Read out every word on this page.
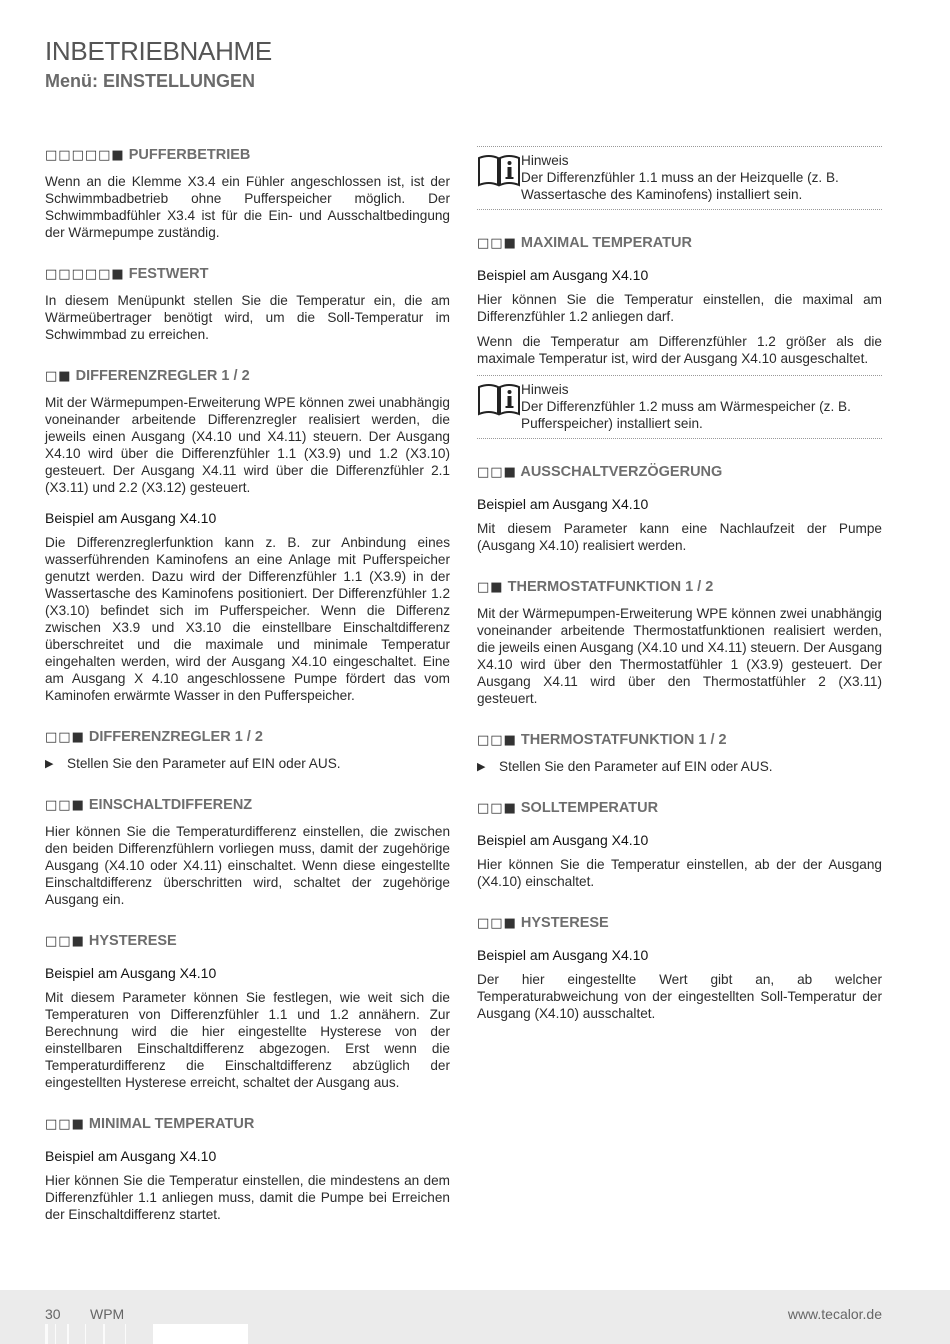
INBETRIEBNAHME
Menü: EINSTELLUNGEN
□□□□□■ PUFFERBETRIEB

Wenn an die Klemme X3.4 ein Fühler angeschlossen ist, ist der Schwimmbadbetrieb ohne Pufferspeicher möglich. Der Schwimmbadfühler X3.4 ist für die Ein- und Ausschaltbedingung der Wärmepumpe zuständig.

□□□□□■ FESTWERT

In diesem Menüpunkt stellen Sie die Temperatur ein, die am Wärmeübertrager benötigt wird, um die Soll-Temperatur im Schwimmbad zu erreichen.

□■ DIFFERENZREGLER 1 / 2

Mit der Wärmepumpen-Erweiterung WPE können zwei unabhängig voneinander arbeitende Differenzregler realisiert werden, die jeweils einen Ausgang (X4.10 und X4.11) steuern. Der Ausgang X4.10 wird über die Differenzfühler 1.1 (X3.9) und 1.2 (X3.10) gesteuert. Der Ausgang X4.11 wird über die Differenzfühler 2.1 (X3.11) und 2.2 (X3.12) gesteuert.

Beispiel am Ausgang X4.10

Die Differenzreglerfunktion kann z. B. zur Anbindung eines wasserführenden Kaminofens an eine Anlage mit Pufferspeicher genutzt werden. Dazu wird der Differenzfühler 1.1 (X3.9) in der Wassertasche des Kaminofens positioniert. Der Differenzfühler 1.2 (X3.10) befindet sich im Pufferspeicher. Wenn die Differenz zwischen X3.9 und X3.10 die einstellbare Einschaltdifferenz überschreitet und die maximale und minimale Temperatur eingehalten werden, wird der Ausgang X4.10 eingeschaltet. Eine am Ausgang X 4.10 angeschlossene Pumpe fördert das vom Kaminofen erwärmte Wasser in den Pufferspeicher.

□□■ DIFFERENZREGLER 1 / 2
▶ Stellen Sie den Parameter auf EIN oder AUS.
□□■ EINSCHALTDIFFERENZ

Hier können Sie die Temperaturdifferenz einstellen, die zwischen den beiden Differenzfühlern vorliegen muss, damit der zugehörige Ausgang (X4.10 oder X4.11) einschaltet. Wenn diese eingestellte Einschaltdifferenz überschritten wird, schaltet der zugehörige Ausgang ein.

□□■ HYSTERESE
Beispiel am Ausgang X4.10

Mit diesem Parameter können Sie festlegen, wie weit sich die Temperaturen von Differenzfühler 1.1 und 1.2 annähern. Zur Berechnung wird die hier eingestellte Hysterese von der einstellbaren Einschaltdifferenz abgezogen. Erst wenn die Temperaturdifferenz die Einschaltdifferenz abzüglich der eingestellten Hysterese erreicht, schaltet der Ausgang aus.

□□■ MINIMAL TEMPERATUR
Beispiel am Ausgang X4.10

Hier können Sie die Temperatur einstellen, die mindestens an dem Differenzfühler 1.1 anliegen muss, damit die Pumpe bei Erreichen der Einschaltdifferenz startet.

Hinweis
Der Differenzfühler 1.1 muss an der Heizquelle (z. B. Wassertasche des Kaminofens) installiert sein.
□□■ MAXIMAL TEMPERATUR
Beispiel am Ausgang X4.10

Hier können Sie die Temperatur einstellen, die maximal am Differenzfühler 1.2 anliegen darf.

Wenn die Temperatur am Differenzfühler 1.2 größer als die maximale Temperatur ist, wird der Ausgang X4.10 ausgeschaltet.

Hinweis
Der Differenzfühler 1.2 muss am Wärmespeicher (z. B. Pufferspeicher) installiert sein.
□□■ AUSSCHALTVERZÖGERUNG
Beispiel am Ausgang X4.10

Mit diesem Parameter kann eine Nachlaufzeit der Pumpe (Ausgang X4.10) realisiert werden.

□■ THERMOSTATFUNKTION 1 / 2

Mit der Wärmepumpen-Erweiterung WPE können zwei unabhängig voneinander arbeitende Thermostatfunktionen realisiert werden, die jeweils einen Ausgang (X4.10 und X4.11) steuern. Der Ausgang X4.10 wird über den Thermostatfühler 1 (X3.9) gesteuert. Der Ausgang X4.11 wird über den Thermostatfühler 2 (X3.11) gesteuert.

□□■ THERMOSTATFUNKTION 1 / 2
▶ Stellen Sie den Parameter auf EIN oder AUS.
□□■ SOLLTEMPERATUR
Beispiel am Ausgang X4.10

Hier können Sie die Temperatur einstellen, ab der der Ausgang (X4.10) einschaltet.

□□■ HYSTERESE
Beispiel am Ausgang X4.10

Der hier eingestellte Wert gibt an, ab welcher Temperaturabweichung von der eingestellten Soll-Temperatur der Ausgang (X4.10) ausschaltet.

30 WPM	www.tecalor.de
